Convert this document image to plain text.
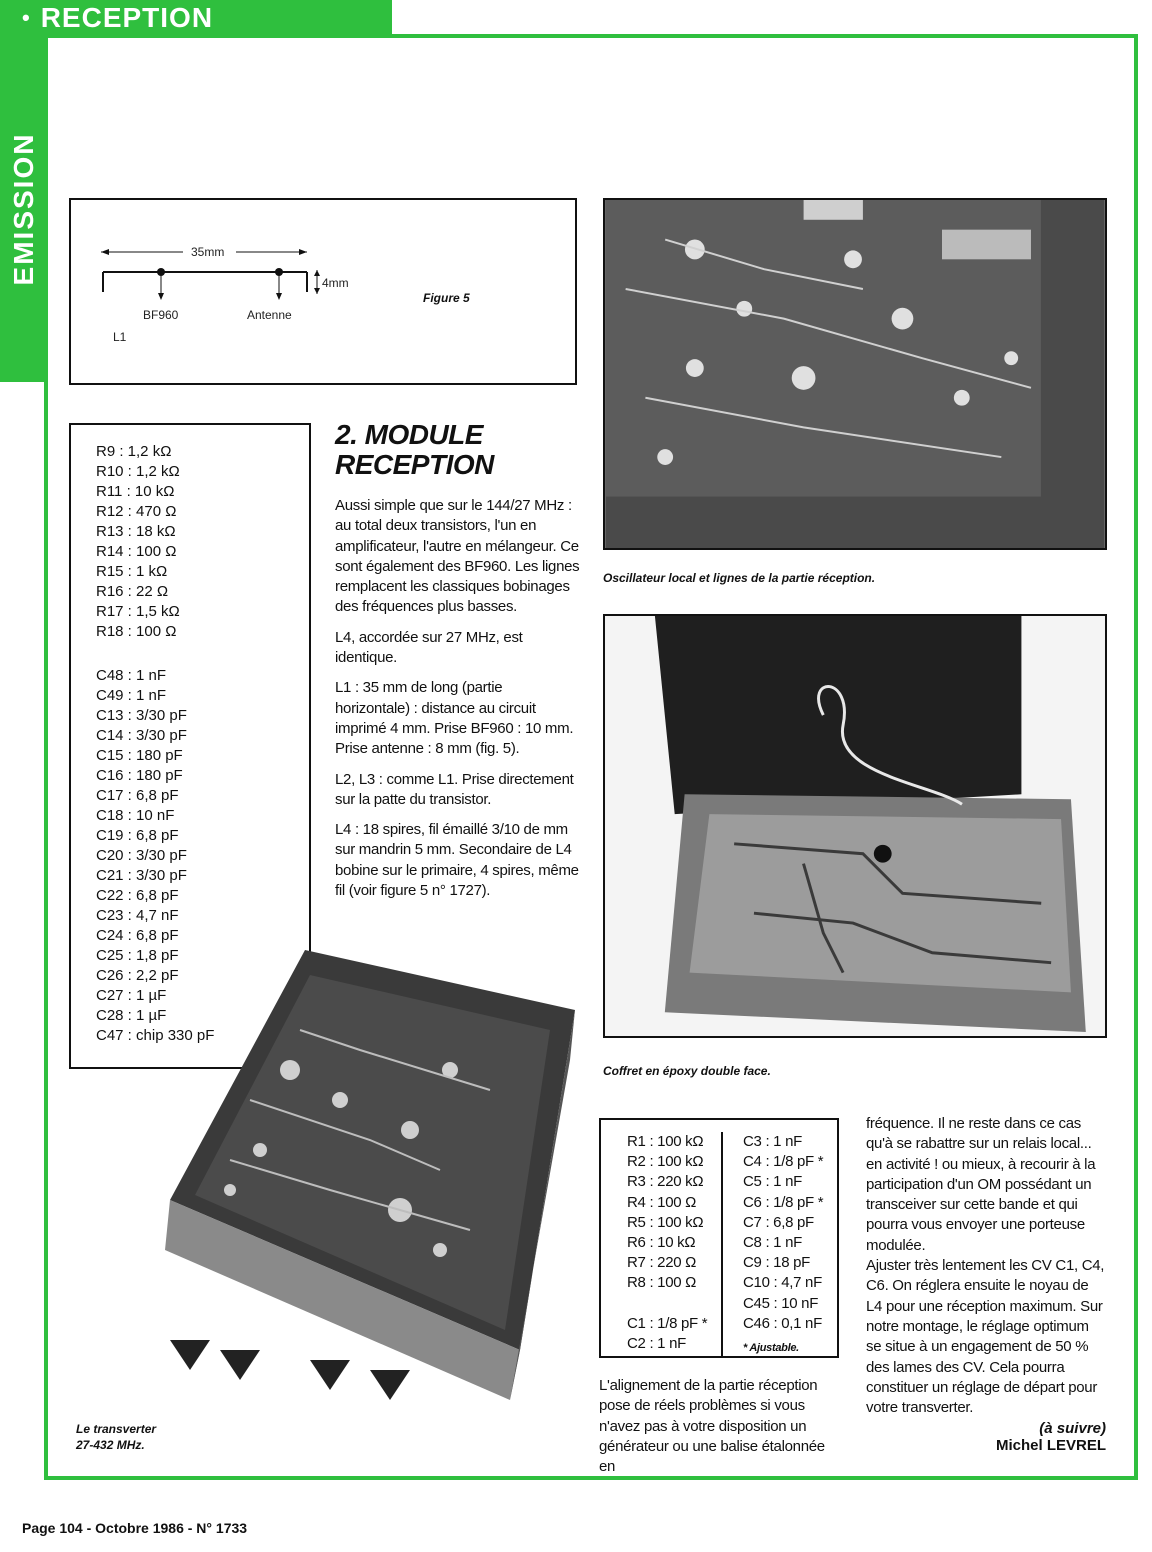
• RECEPTION
EMISSION	35mm
4mm
BF960	Antenne
L1
Figure 5
R9 : 1,2 kΩ
R10 : 1,2 kΩ
R11 : 10 kΩ
R12 : 470 Ω
R13 : 18 kΩ
R14 : 100 Ω
R15 : 1 kΩ
R16 : 22 Ω
R17 : 1,5 kΩ
R18 : 100 Ω
C48 : 1 nF
C49 : 1 nF
C13 : 3/30 pF
C14 : 3/30 pF
C15 : 180 pF
C16 : 180 pF
C17 : 6,8 pF
C18 : 10 nF
C19 : 6,8 pF
C20 : 3/30 pF
C21 : 3/30 pF
C22 : 6,8 pF
C23 : 4,7 nF
C24 : 6,8 pF
C25 : 1,8 pF
C26 : 2,2 pF
C27 : 1 µF
C28 : 1 µF
C47 : chip 330 pF
Le transverter
27-432 MHz.
2. MODULE
RECEPTION

Aussi simple que sur le 144/27 MHz : au total deux transistors, l'un en amplificateur, l'autre en mélangeur. Ce sont également des BF960. Les lignes remplacent les classiques bobinages des fréquences plus basses.

L4, accordée sur 27 MHz, est identique.

L1 : 35 mm de long (partie horizontale) : distance au circuit imprimé 4 mm. Prise BF960 : 10 mm. Prise antenne : 8 mm (fig. 5).

L2, L3 : comme L1. Prise directement sur la patte du transistor.

L4 : 18 spires, fil émaillé 3/10 de mm sur mandrin 5 mm. Secondaire de L4 bobine sur le primaire, 4 spires, même fil (voir figure 5 n° 1727).

Oscillateur local et lignes de la partie réception.
Coffret en époxy double face.
R1 : 100 kΩ
R2 : 100 kΩ
R3 : 220 kΩ
R4 : 100 Ω
R5 : 100 kΩ
R6 : 10 kΩ
R7 : 220 Ω
R8 : 100 Ω
C1 : 1/8 pF *
C2 : 1 nF
C3 : 1 nF
C4 : 1/8 pF *
C5 : 1 nF
C6 : 1/8 pF *
C7 : 6,8 pF
C8 : 1 nF
C9 : 18 pF
C10 : 4,7 nF
C45 : 10 nF
C46 : 0,1 nF
* Ajustable.
L'alignement de la partie réception pose de réels problèmes si vous n'avez pas à votre disposition un générateur ou une balise étalonnée en

fréquence. Il ne reste dans ce cas qu'à se rabattre sur un relais local... en activité ! ou mieux, à recourir à la participation d'un OM possédant un transceiver sur cette bande et qui pourra vous envoyer une porteuse modulée.

Ajuster très lentement les CV C1, C4, C6. On réglera ensuite le noyau de L4 pour une réception maximum. Sur notre montage, le réglage optimum se situe à un engagement de 50 % des lames des CV. Cela pourra constituer un réglage de départ pour votre transverter.

(à suivre)
Michel LEVREL
Page 104 - Octobre 1986 - N° 1733
